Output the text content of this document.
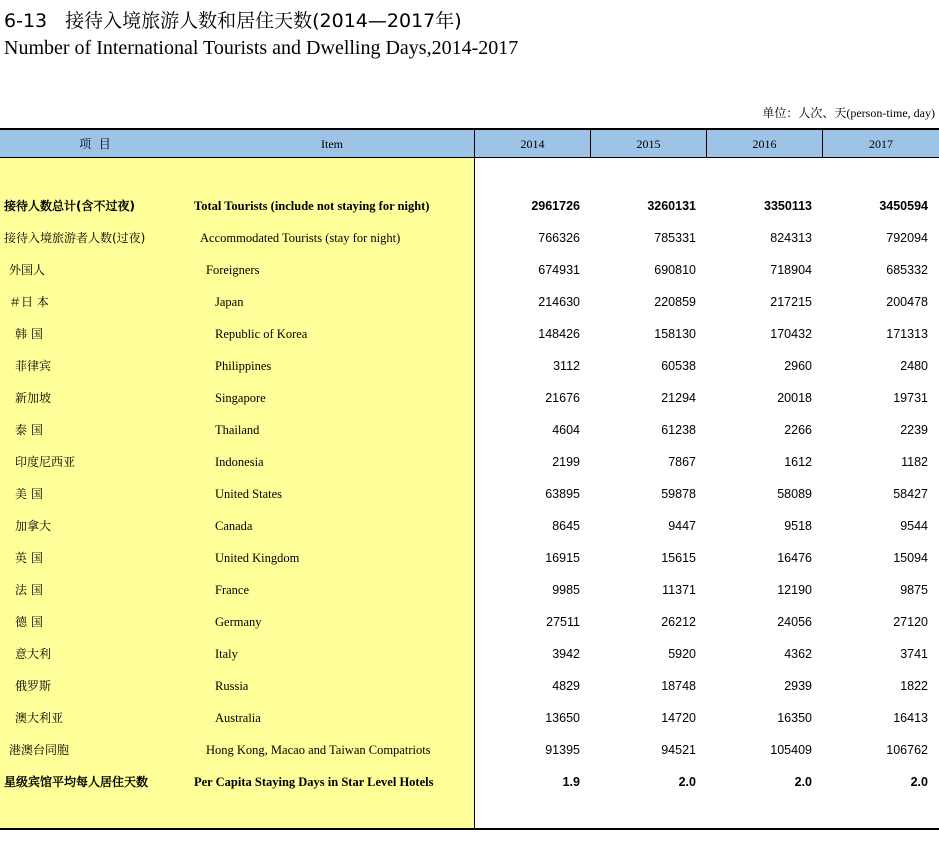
6-13 接待入境旅游人数和居住天数(2014—2017年)
Number of International Tourists and Dwelling Days,2014-2017
单位：人次、天(person-time, day)
项  目	Item	2014	2015	2016	2017
接待人数总计(含不过夜)	Total Tourists (include not staying for night)	2961726	3260131	3350113	3450594
接待入境旅游者人数(过夜)	Accommodated Tourists (stay for night)	766326	785331	824313	792094
外国人	Foreigners	674931	690810	718904	685332
＃日 本	Japan	214630	220859	217215	200478
韩 国	Republic of Korea	148426	158130	170432	171313
菲律宾	Philippines	3112	60538	2960	2480
新加坡	Singapore	21676	21294	20018	19731
泰 国	Thailand	4604	61238	2266	2239
印度尼西亚	Indonesia	2199	7867	1612	1182
美 国	United States	63895	59878	58089	58427
加拿大	Canada	8645	9447	9518	9544
英 国	United Kingdom	16915	15615	16476	15094
法 国	France	9985	11371	12190	9875
德 国	Germany	27511	26212	24056	27120
意大利	Italy	3942	5920	4362	3741
俄罗斯	Russia	4829	18748	2939	1822
澳大利亚	Australia	13650	14720	16350	16413
港澳台同胞	Hong Kong, Macao and Taiwan Compatriots	91395	94521	105409	106762
星级宾馆平均每人居住天数	Per Capita Staying Days in Star Level Hotels	1.9	2.0	2.0	2.0
